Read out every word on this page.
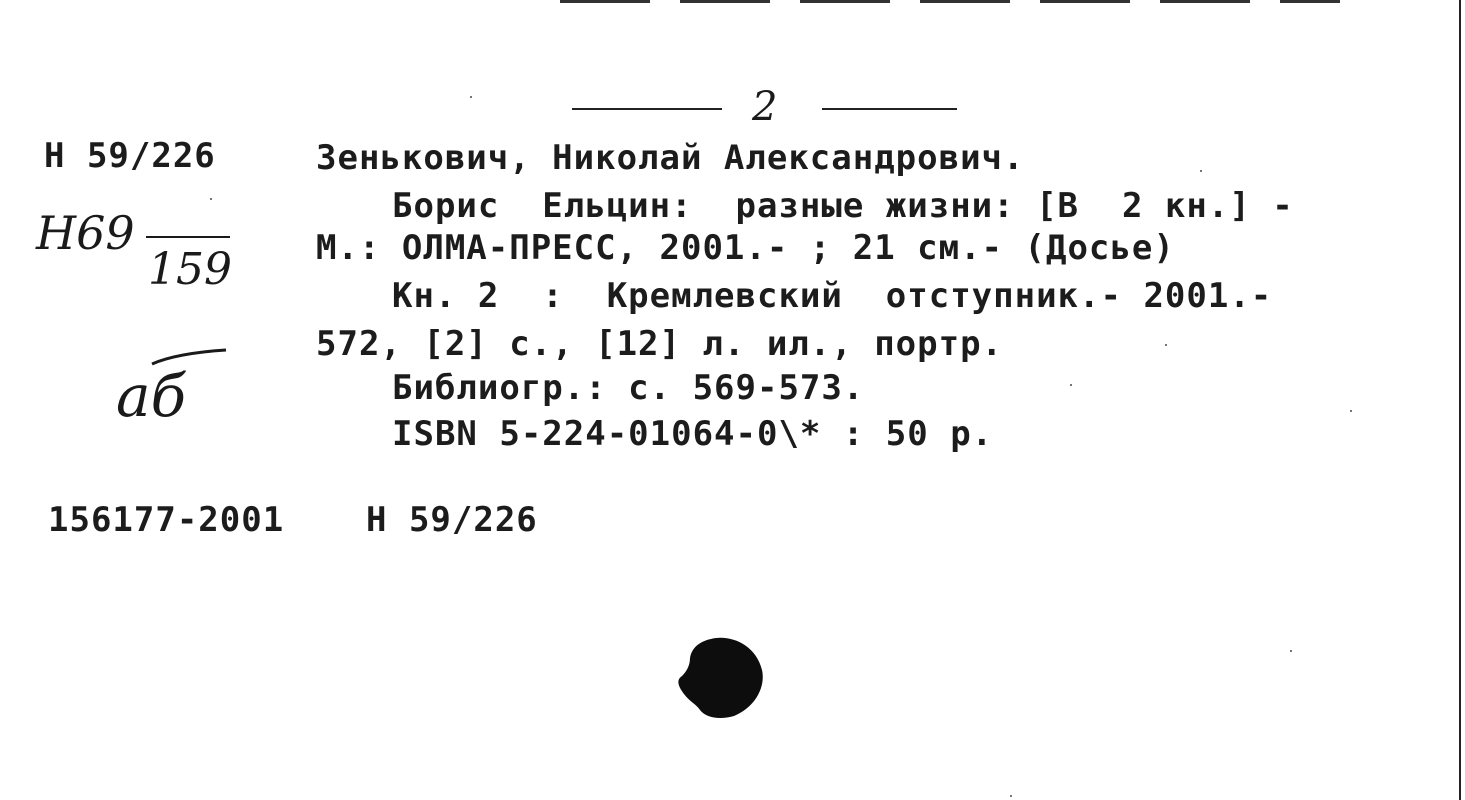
2
Н 59/226
Н69
159
аб
Зенькович, Николай Александрович.
Борис  Ельцин:  разные жизни: [В  2 кн.] -
М.: ОЛМА-ПРЕСС, 2001.- ; 21 см.- (Досье)
Кн. 2  :  Кремлевский  отступник.- 2001.-
572, [2] с., [12] л. ил., портр.
Библиогр.: с. 569-573.
ISBN 5-224-01064-0\* : 50 р.
156177-2001 Н 59/226
